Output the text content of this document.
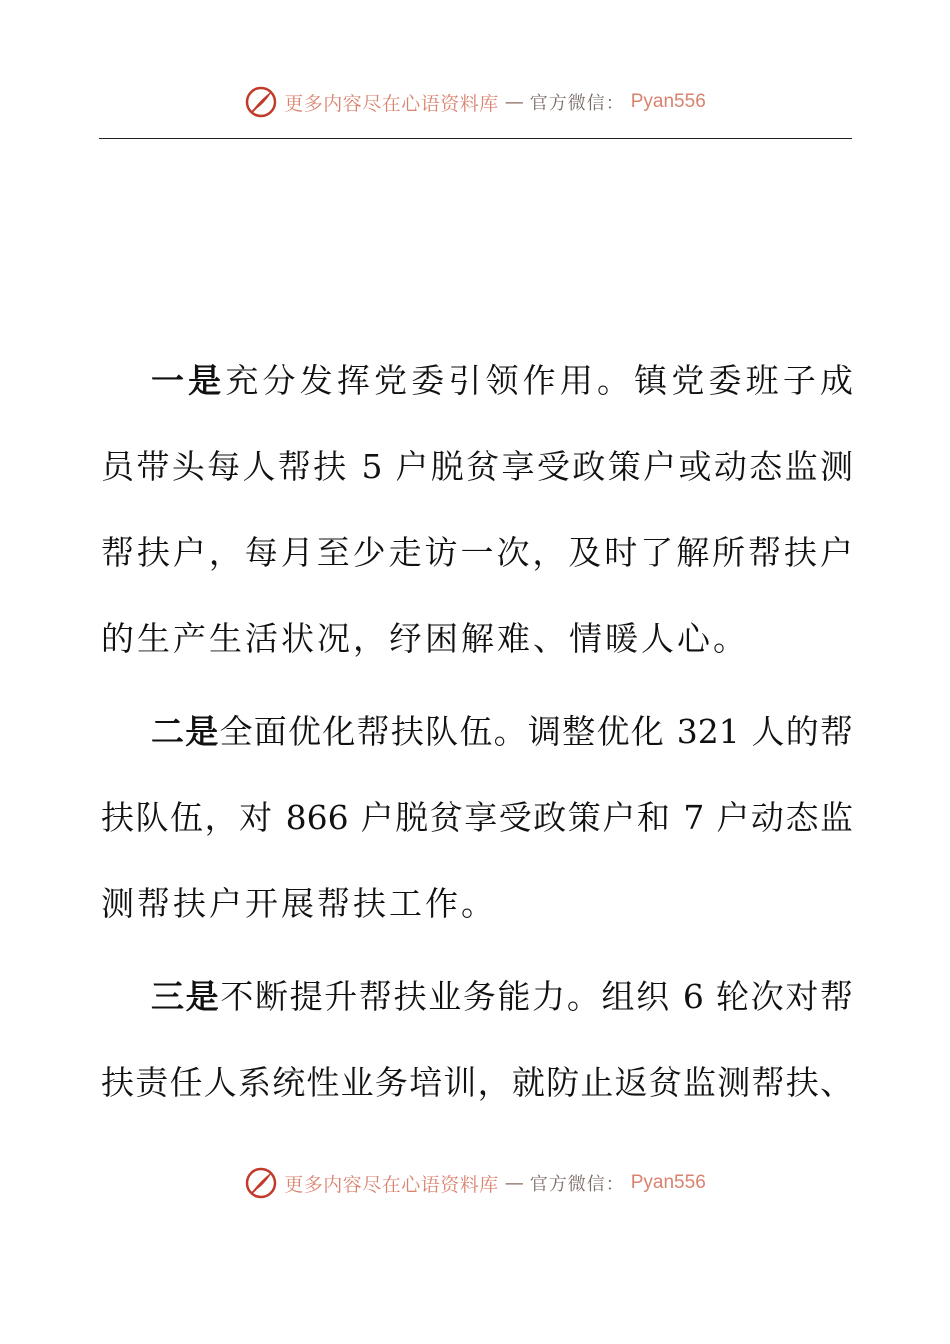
更多内容尽在心语资料库 — 官方微信： Pyan556
一是充分发挥党委引领作用。镇党委班子成
员带头每人帮扶 5 户脱贫享受政策户或动态监测
帮扶户，每月至少走访一次，及时了解所帮扶户
的生产生活状况，纾困解难、情暖人心。
二是全面优化帮扶队伍。调整优化 321 人的帮
扶队伍，对 866 户脱贫享受政策户和 7 户动态监
测帮扶户开展帮扶工作。
三是不断提升帮扶业务能力。组织 6 轮次对帮
扶责任人系统性业务培训，就防止返贫监测帮扶、
更多内容尽在心语资料库 — 官方微信： Pyan556
